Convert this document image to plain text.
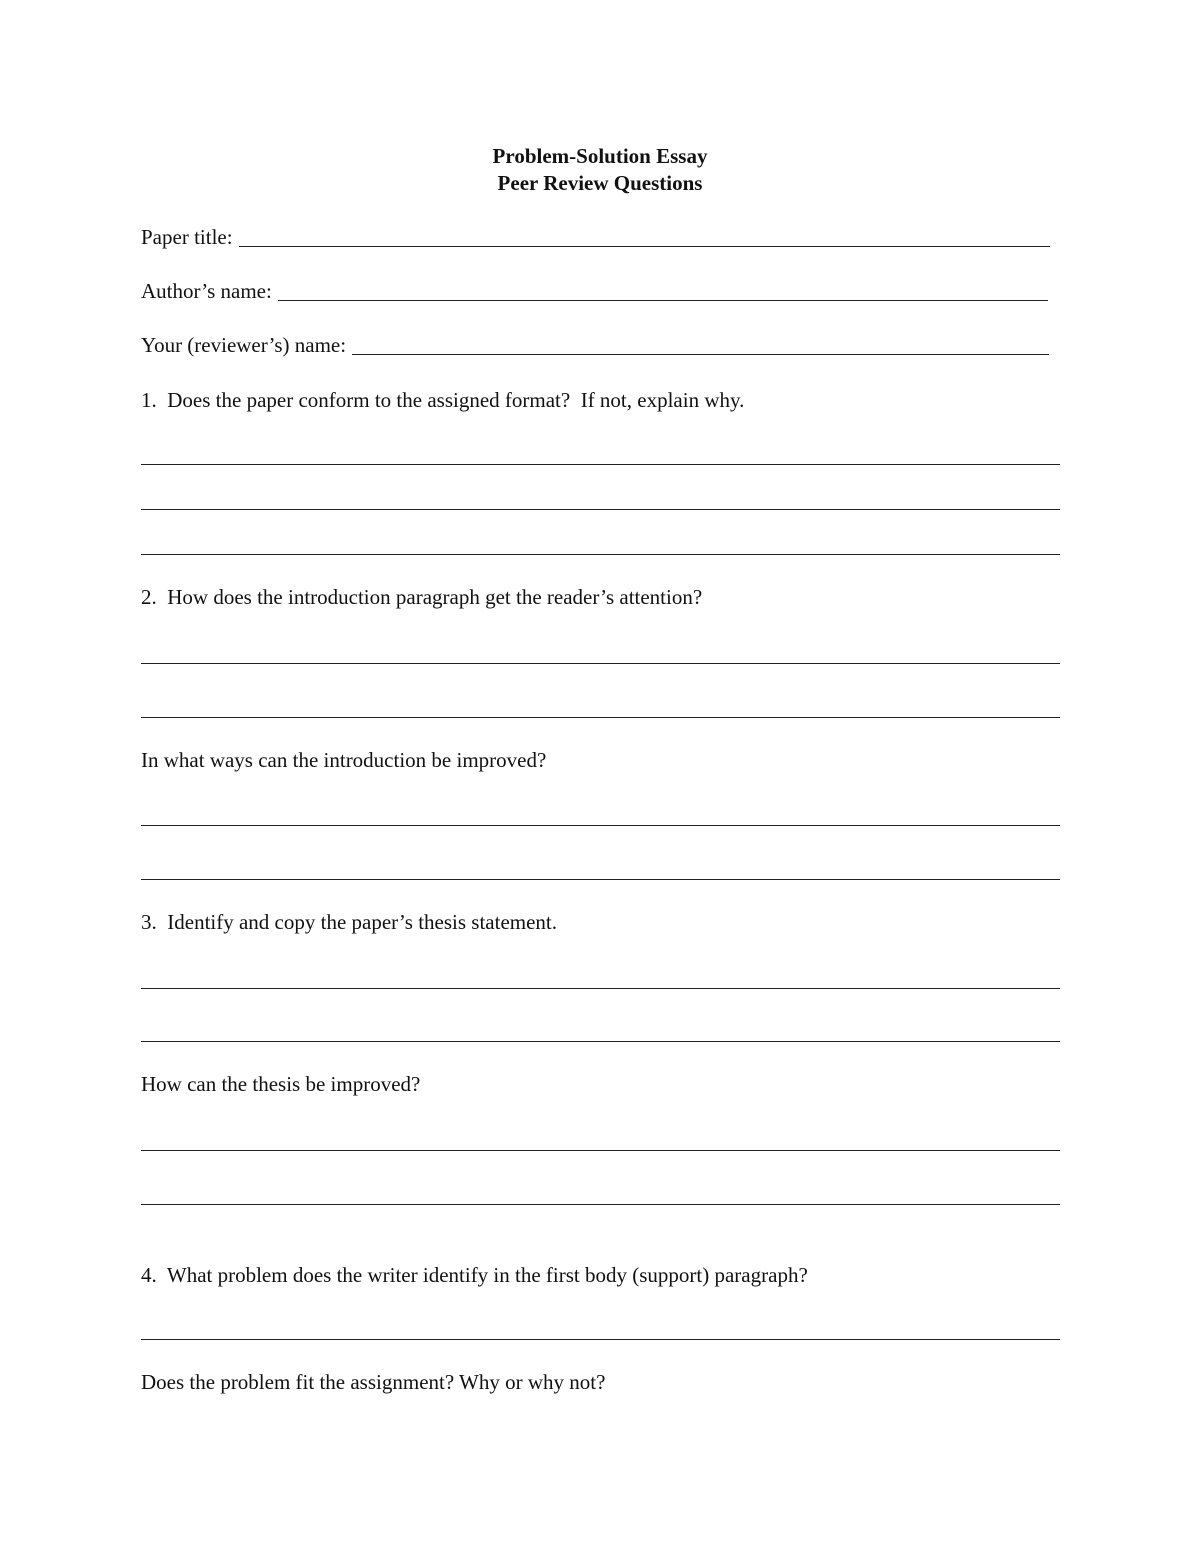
Problem-Solution Essay
Peer Review Questions
Paper title:
Author’s name:
Your (reviewer’s) name:
1.  Does the paper conform to the assigned format?  If not, explain why.
2.  How does the introduction paragraph get the reader’s attention?
In what ways can the introduction be improved?
3.  Identify and copy the paper’s thesis statement.
How can the thesis be improved?
4.  What problem does the writer identify in the first body (support) paragraph?
Does the problem fit the assignment? Why or why not?
